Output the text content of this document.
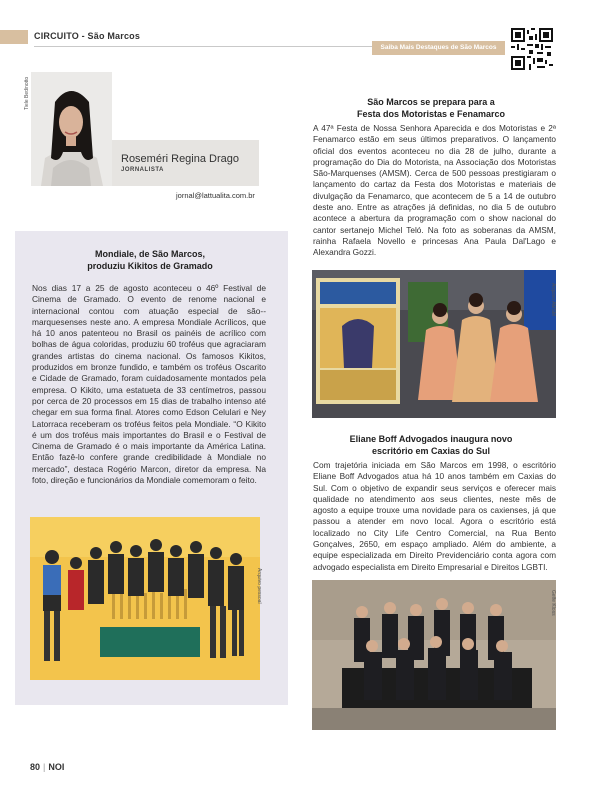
CIRCUITO - São Marcos
Saiba Mais Destaques de São Marcos
Tiele Bedinotto
Roseméri Regina Drago
JORNALISTA
jornal@lattualita.com.br
Mondiale, de São Marcos,
produziu Kikitos de Gramado
Nos dias 17 a 25 de agosto aconteceu o 46º Festival de Cinema de Gramado. O evento de renome nacional e internacional contou com atuação especial de são--marquesenses neste ano. A empresa Mondiale Acrílicos, que há 10 anos patenteou no Brasil os painéis de acrílico com bolhas de água coloridas, produziu 60 troféus que agraciaram grandes artistas do cinema nacional. Os famosos Kikitos, produzidos em bronze fundido, e também os troféus Oscarito e Cidade de Gramado, foram cuidadosamente montados pela empresa. O Kikito, uma estatueta de 33 centímetros, passou por cerca de 20 processos em 15 dias de trabalho intenso até chegar em sua forma final. Atores como Edson Celulari e Ney Latorraca receberam os troféus feitos pela Mondiale. “O Kikito é um dos troféus mais importantes do Brasil e o Festival de Cinema de Gramado é o mais importante da América Latina. Então fazê-lo confere grande credibilidade à Mondiale no mercado”, destaca Rogério Marcon, diretor da empresa. Na foto, direção e funcionários da Mondiale comemoram o feito.
Arquivo pessoal
São Marcos se prepara para a
Festa dos Motoristas e Fenamarco
A 47ª Festa de Nossa Senhora Aparecida e dos Motoristas e 2ª Fenamarco estão em seus últimos preparativos. O lançamento oficial dos eventos aconteceu no dia 28 de julho, durante a programação do Dia do Motorista, na Associação dos Motoristas São-Marquenses (AMSM). Cerca de 500 pessoas prestigiaram o lançamento do cartaz da Festa dos Motoristas e materiais de divulgação da Fenamarco, que acontecem de 5 a 14 de outubro deste ano. Entre as atrações já definidas, no dia 5 de outubro acontece a abertura da programação com o show nacional do cantor sertanejo Michel Teló. Na foto as soberanas da AMSM, rainha Rafaela Novello e princesas Ana Paula Dal'Lago e Alexandra Gozzi.
Arquivo AMSM
Eliane Boff Advogados inaugura novo
escritório em Caxias do Sul
Com trajetória iniciada em São Marcos em 1998, o escritório Eliane Boff Advogados atua há 10 anos também em Caxias do Sul. Com o objetivo de expandir seus serviços e oferecer mais qualidade no atendimento aos seus clientes, neste mês de agosto a equipe trouxe uma novidade para os caxienses, já que passou a atender em novo local. Agora o escritório está localizado no City Life Centro Comercial, na Rua Bento Gonçalves, 2650, em espaço ampliado. Além do ambiente, a equipe especializada em Direito Previdenciário conta agora com advogado especialista em Direito Empresarial e Direitos LGBTI.
Gelfe Kloss
80 | NOI
